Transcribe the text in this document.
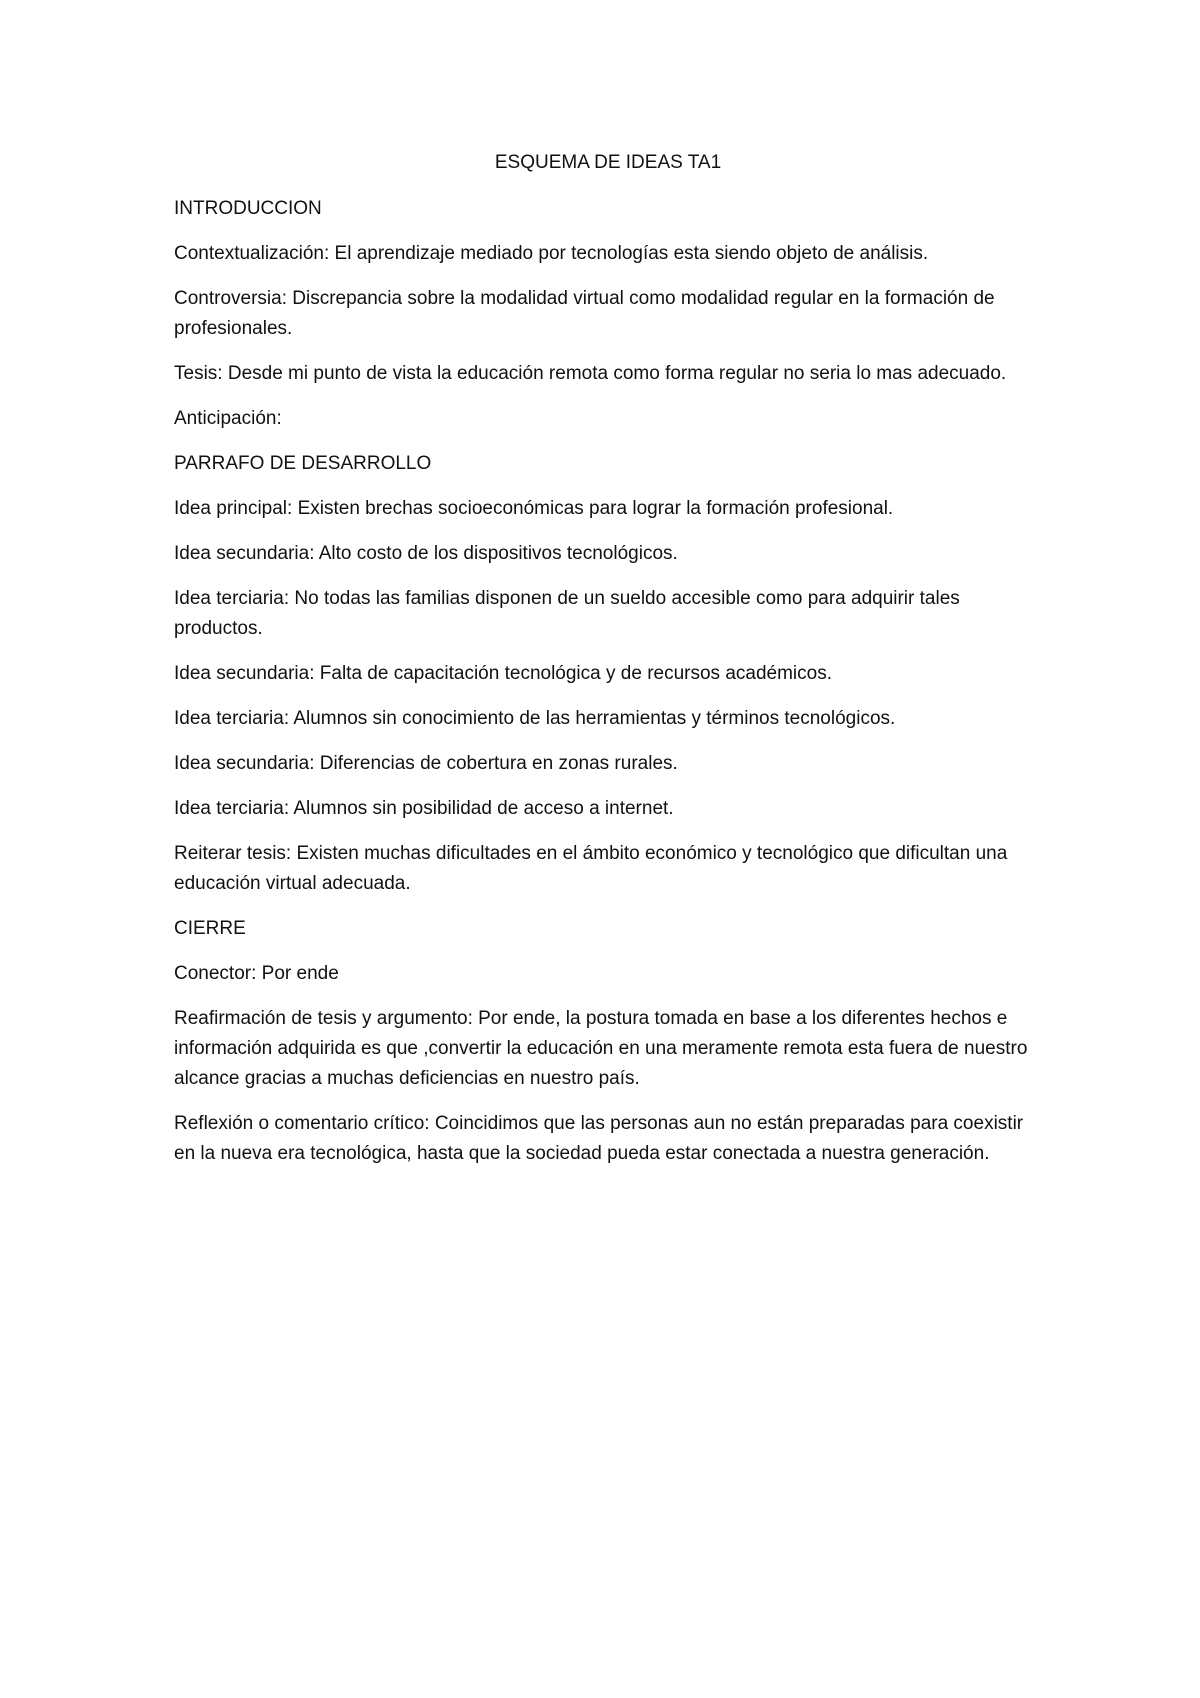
ESQUEMA DE IDEAS TA1
INTRODUCCION
Contextualización: El aprendizaje mediado por tecnologías esta siendo objeto de análisis.
Controversia: Discrepancia sobre la modalidad virtual como modalidad regular en la formación de profesionales.
Tesis: Desde mi punto de vista la educación remota como forma regular no seria lo mas adecuado.
Anticipación:
PARRAFO DE DESARROLLO
Idea principal: Existen brechas socioeconómicas para lograr la formación profesional.
Idea secundaria: Alto costo de los dispositivos tecnológicos.
Idea terciaria: No todas las familias disponen de un sueldo accesible como para adquirir tales productos.
Idea secundaria: Falta de capacitación tecnológica y de recursos académicos.
Idea terciaria: Alumnos sin conocimiento de las herramientas y términos tecnológicos.
Idea secundaria: Diferencias de cobertura en zonas rurales.
Idea terciaria: Alumnos sin posibilidad de acceso a internet.
Reiterar tesis: Existen muchas dificultades en el ámbito económico y tecnológico que dificultan una educación virtual adecuada.
CIERRE
Conector: Por ende
Reafirmación de tesis y argumento: Por ende, la postura tomada en base a los diferentes hechos e información adquirida es que ,convertir la educación en una meramente remota esta fuera de nuestro alcance gracias a muchas deficiencias en nuestro país.
Reflexión o comentario crítico: Coincidimos que las personas aun no están preparadas para coexistir en la nueva era tecnológica, hasta que la sociedad pueda estar conectada a nuestra generación.
